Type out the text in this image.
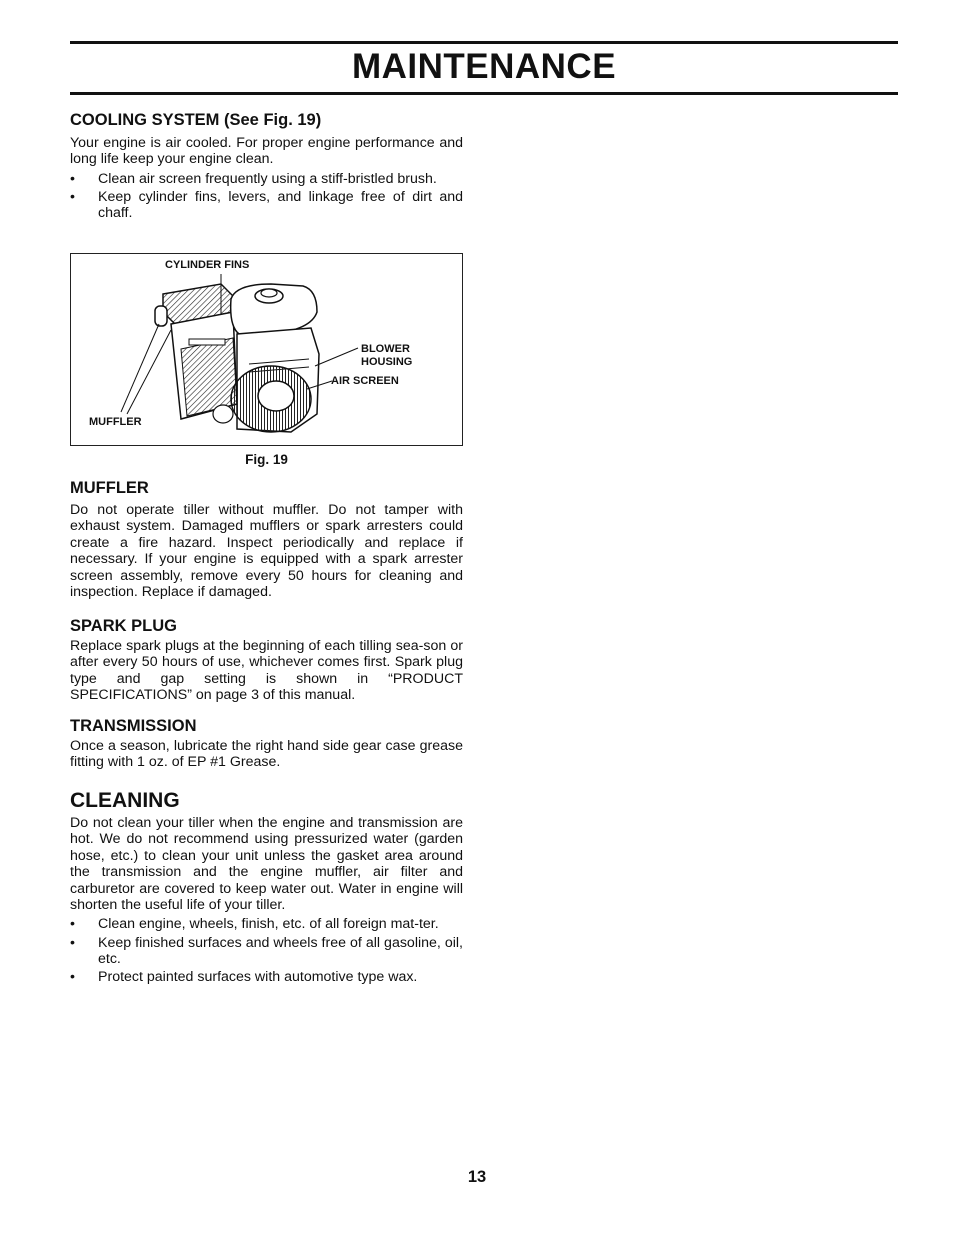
MAINTENANCE
COOLING SYSTEM (See Fig. 19)
Your engine is air cooled. For proper engine performance and long life keep your engine clean.
• Clean air screen frequently using a stiff-bristled brush.
• Keep cylinder fins, levers, and linkage free of dirt and chaff.
CYLINDER FINS
BLOWER
HOUSING
AIR SCREEN
MUFFLER
Fig. 19
MUFFLER
Do not operate tiller without muffler. Do not tamper with exhaust system. Damaged mufflers or spark arresters could create a fire hazard. Inspect periodically and replace if necessary. If your engine is equipped with a spark arrester screen assembly, remove every 50 hours for cleaning and inspection. Replace if damaged.
SPARK PLUG
Replace spark plugs at the beginning of each tilling sea-son or after every 50 hours of use, whichever comes first. Spark plug type and gap setting is shown in “PRODUCT SPECIFICATIONS” on page 3 of this manual.
TRANSMISSION
Once a season, lubricate the right hand side gear case grease fitting with 1 oz. of EP #1 Grease.
CLEANING
Do not clean your tiller when the engine and transmission are hot. We do not recommend using pressurized water (garden hose, etc.) to clean your unit unless the gasket area around the transmission and the engine muffler, air filter and carburetor are covered to keep water out. Water in engine will shorten the useful life of your tiller.
• Clean engine, wheels, finish, etc. of all foreign mat-ter.
• Keep finished surfaces and wheels free of all gasoline, oil, etc.
• Protect painted surfaces with automotive type wax.
13
